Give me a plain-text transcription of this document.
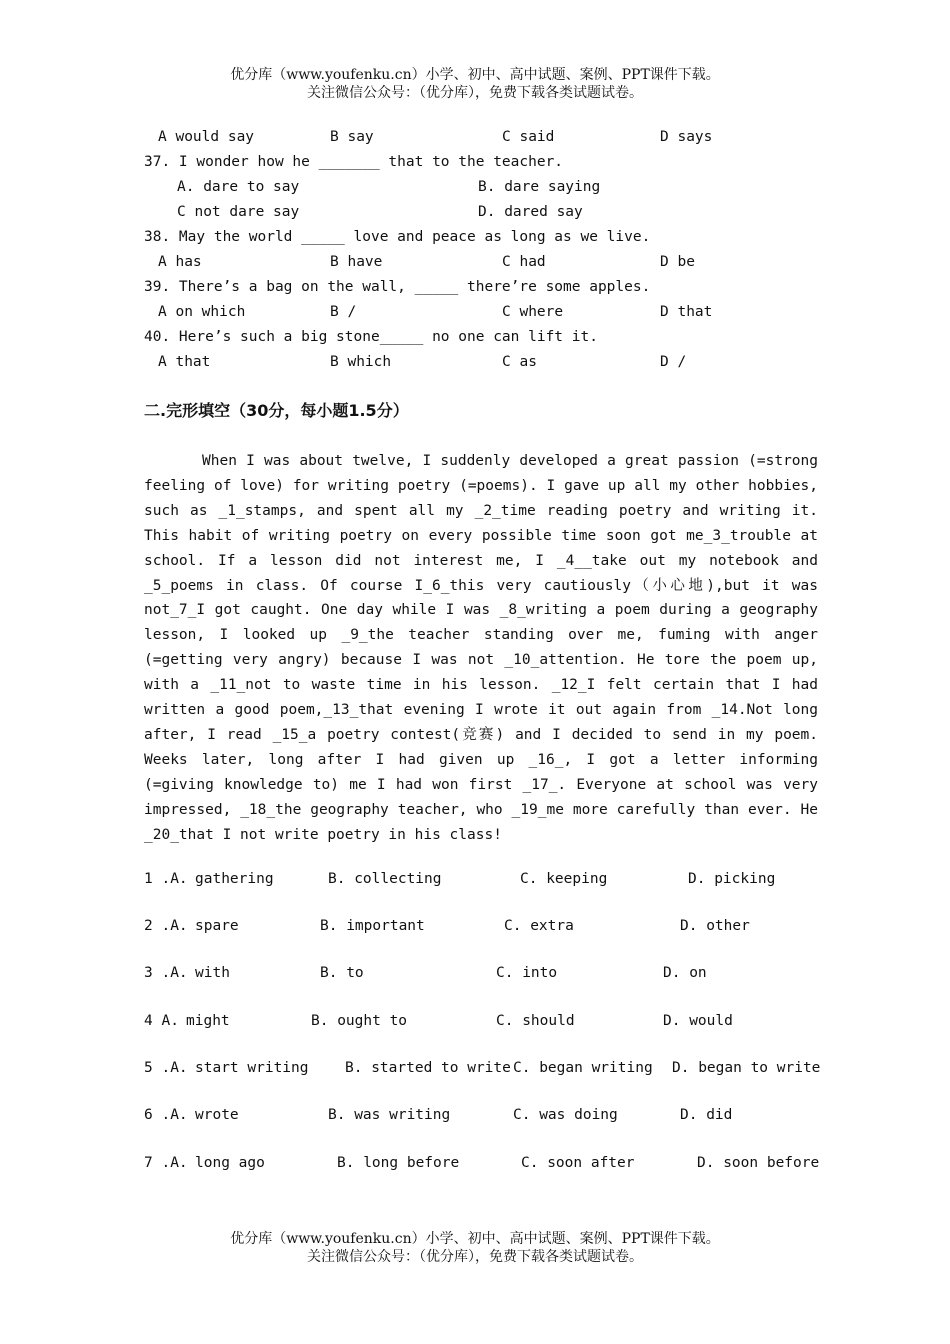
优分库（www.youfenku.cn）小学、初中、高中试题、案例、PPT课件下载。
关注微信公众号：（优分库），免费下载各类试题试卷。
A would say	B say	C said	D says
37. I wonder how he _______ that to the teacher.
A. dare to say	B. dare saying
C not dare say	D. dared say
38. May the world _____ love and peace as long as we live.
A has	B have	C had	D be
39. There’s a bag on the wall, _____ there’re some apples.
A on which	B /	C where	D that
40. Here’s such a big stone_____ no one can lift it.
A that	B which	C as	D /
二.完形填空（30分，每小题1.5分）

When I was about twelve, I suddenly developed a great passion (=strong feeling of love) for writing poetry (=poems). I gave up all my other hobbies, such as _1_stamps, and spent all my _2_time reading poetry and writing it. This habit of writing poetry on every possible time soon got me_3_trouble at school. If a lesson did not interest me, I _4__take out my notebook and _5_poems in class. Of course I_6_this very cautiously（小心地),but it was not_7_I got caught. One day while I was _8_writing a poem during a geography lesson, I looked up _9_the teacher standing over me, fuming with anger (=getting very angry) because I was not _10_attention. He tore the poem up, with a _11_not to waste time in his lesson. _12_I felt certain that I had written a good poem,_13_that evening I wrote it out again from _14.Not long after, I read _15_a poetry contest(竞赛) and I decided to send in my poem. Weeks later, long after I had given up _16_, I got a letter informing (=giving knowledge to) me I had won first _17_. Everyone at school was very impressed, _18_the geography teacher, who _19_me more carefully than ever. He _20_that I not write poetry in his class!

1 .A. gathering	B. collecting	C. keeping	D. picking
2 .A. spare	B. important	C. extra	D. other
3 .A. with	B. to	C. into	D. on
4 A. might	B. ought to	C. should	D. would
5 .A. start writing	B. started to write C. began writing D. began to write
6 .A. wrote	B. was writing	C. was doing	D. did
7 .A. long ago	B. long before	C. soon after	D. soon before
优分库（www.youfenku.cn）小学、初中、高中试题、案例、PPT课件下载。
关注微信公众号：（优分库），免费下载各类试题试卷。
